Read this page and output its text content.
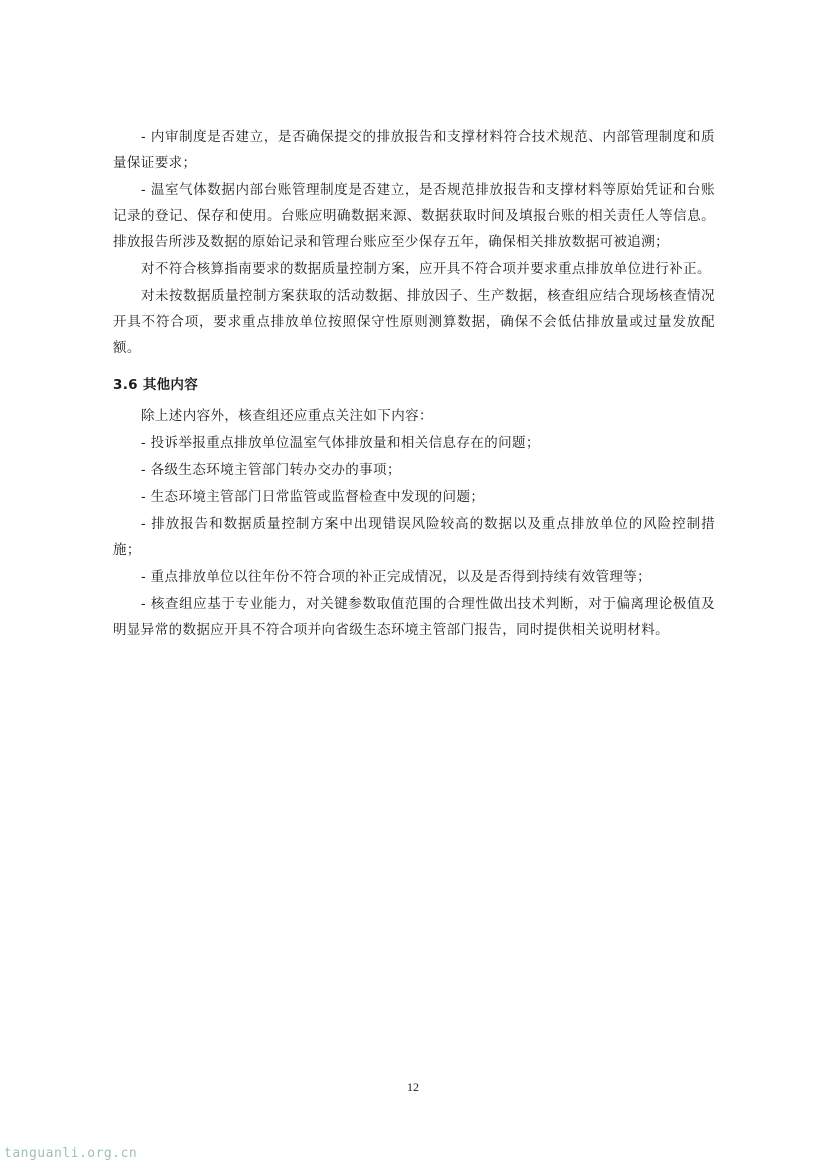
- 内审制度是否建立，是否确保提交的排放报告和支撑材料符合技术规范、内部管理制度和质量保证要求；

- 温室气体数据内部台账管理制度是否建立，是否规范排放报告和支撑材料等原始凭证和台账记录的登记、保存和使用。台账应明确数据来源、数据获取时间及填报台账的相关责任人等信息。排放报告所涉及数据的原始记录和管理台账应至少保存五年，确保相关排放数据可被追溯；

对不符合核算指南要求的数据质量控制方案，应开具不符合项并要求重点排放单位进行补正。

对未按数据质量控制方案获取的活动数据、排放因子、生产数据，核查组应结合现场核查情况开具不符合项，要求重点排放单位按照保守性原则测算数据，确保不会低估排放量或过量发放配额。

3.6 其他内容

除上述内容外，核查组还应重点关注如下内容：

- 投诉举报重点排放单位温室气体排放量和相关信息存在的问题；

- 各级生态环境主管部门转办交办的事项；

- 生态环境主管部门日常监管或监督检查中发现的问题；

- 排放报告和数据质量控制方案中出现错误风险较高的数据以及重点排放单位的风险控制措施；

- 重点排放单位以往年份不符合项的补正完成情况，以及是否得到持续有效管理等；

- 核查组应基于专业能力，对关键参数取值范围的合理性做出技术判断，对于偏离理论极值及明显异常的数据应开具不符合项并向省级生态环境主管部门报告，同时提供相关说明材料。

12
tanguanli.org.cn
